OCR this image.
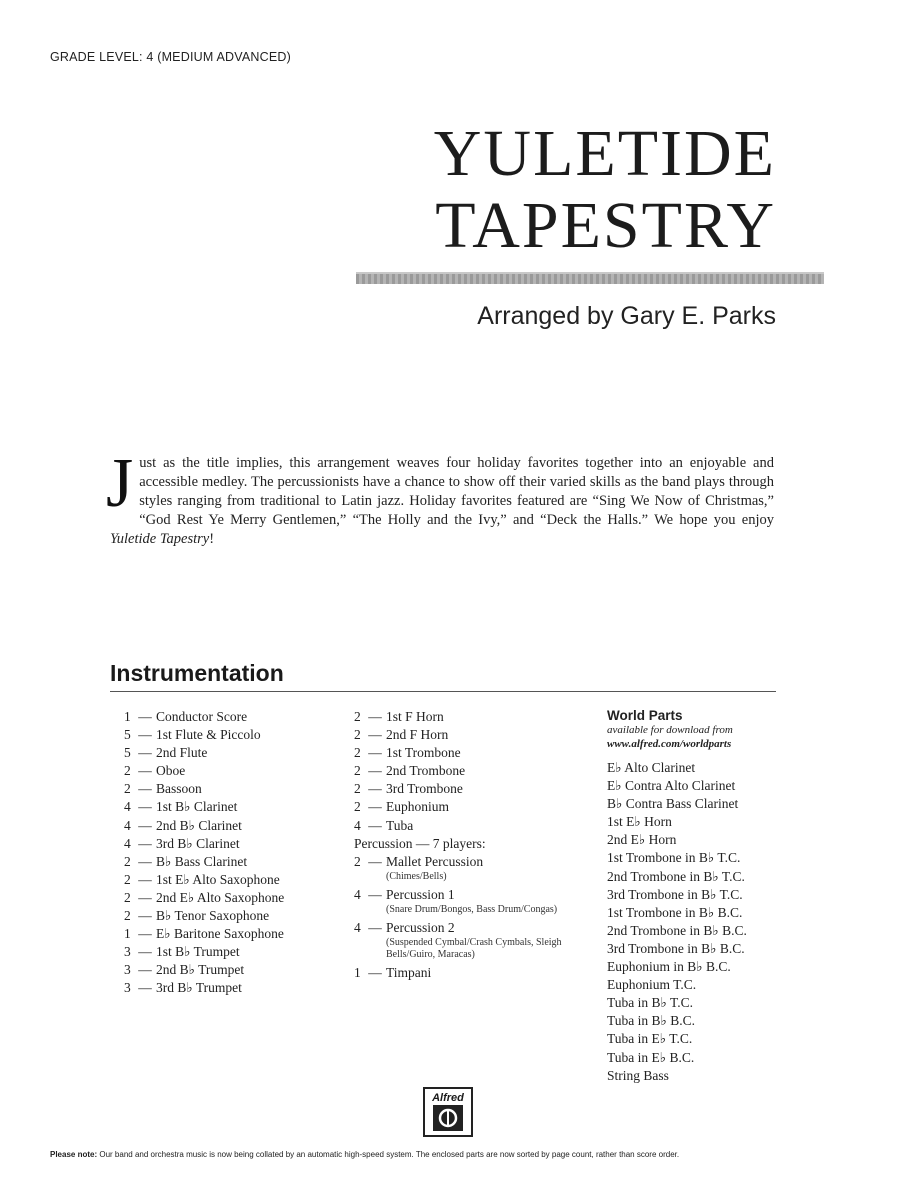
GRADE LEVEL: 4 (MEDIUM ADVANCED)
YULETIDE
TAPESTRY
Arranged by Gary E. Parks
Just as the title implies, this arrangement weaves four holiday favorites together into an enjoyable and accessible medley. The percussionists have a chance to show off their varied skills as the band plays through styles ranging from traditional to Latin jazz. Holiday favorites featured are “Sing We Now of Christmas,” “God Rest Ye Merry Gentlemen,” “The Holly and the Ivy,” and “Deck the Halls.” We hope you enjoy Yuletide Tapestry!
Instrumentation
1 — Conductor Score
5 — 1st Flute & Piccolo
5 — 2nd Flute
2 — Oboe
2 — Bassoon
4 — 1st B♭ Clarinet
4 — 2nd B♭ Clarinet
4 — 3rd B♭ Clarinet
2 — B♭ Bass Clarinet
2 — 1st E♭ Alto Saxophone
2 — 2nd E♭ Alto Saxophone
2 — B♭ Tenor Saxophone
1 — E♭ Baritone Saxophone
3 — 1st B♭ Trumpet
3 — 2nd B♭ Trumpet
3 — 3rd B♭ Trumpet
2 — 1st F Horn
2 — 2nd F Horn
2 — 1st Trombone
2 — 2nd Trombone
2 — 3rd Trombone
2 — Euphonium
4 — Tuba
Percussion — 7 players:
2 — Mallet Percussion
(Chimes/Bells)
4 — Percussion 1
(Snare Drum/Bongos, Bass Drum/Congas)
4 — Percussion 2
(Suspended Cymbal/Crash Cymbals, Sleigh Bells/Guiro, Maracas)
1 — Timpani
World Parts
available for download from
www.alfred.com/worldparts
E♭ Alto Clarinet
E♭ Contra Alto Clarinet
B♭ Contra Bass Clarinet
1st E♭ Horn
2nd E♭ Horn
1st Trombone in B♭ T.C.
2nd Trombone in B♭ T.C.
3rd Trombone in B♭ T.C.
1st Trombone in B♭ B.C.
2nd Trombone in B♭ B.C.
3rd Trombone in B♭ B.C.
Euphonium in B♭ B.C.
Euphonium T.C.
Tuba in B♭ T.C.
Tuba in B♭ B.C.
Tuba in E♭ T.C.
Tuba in E♭ B.C.
String Bass
Alfred
Please note: Our band and orchestra music is now being collated by an automatic high-speed system. The enclosed parts are now sorted by page count, rather than score order.
